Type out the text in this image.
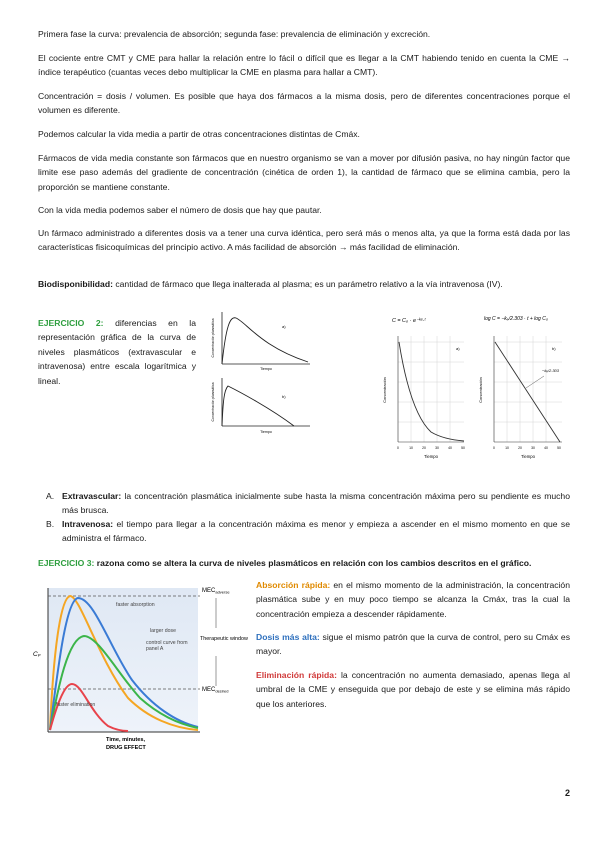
Primera fase la curva: prevalencia de absorción; segunda fase: prevalencia de eliminación y excreción.

El cociente entre CMT y CME para hallar la relación entre lo fácil o difícil que es llegar a la CMT habiendo tenido en cuenta la CME → índice terapéutico (cuantas veces debo multiplicar la CME en plasma para hallar a CMT).

Concentración = dosis / volumen. Es posible que haya dos fármacos a la misma dosis, pero de diferentes concentraciones porque el volumen es diferente.

Podemos calcular la vida media a partir de otras concentraciones distintas de Cmáx.

Fármacos de vida media constante son fármacos que en nuestro organismo se van a mover por difusión pasiva, no hay ningún factor que limite ese paso además del gradiente de concentración (cinética de orden 1), la cantidad de fármaco que se elimina cambia, pero la proporción se mantiene constante.

Con la vida media podemos saber el número de dosis que hay que pautar.

Un fármaco administrado a diferentes dosis va a tener una curva idéntica, pero será más o menos alta, ya que la forma está dada por las características fisicoquímicas del principio activo. A más facilidad de absorción → más facilidad de eliminación.

Biodisponibilidad: cantidad de fármaco que llega inalterada al plasma; es un parámetro relativo a la vía intravenosa (IV).

EJERCICIO 2: diferencias en la representación gráfica de la curva de niveles plasmáticos (extravascular e intravenosa) entre escala logarítmica y lineal.

Concentración plasmática
Tiempo
a)
Concentración plasmática
Tiempo
b)
C = C₀ · e⁻ᵏᵉ·ᵗ	log C = −kₑ/2.303 · t + log C₀
Concentración
Tiempo
a)
0	10	20	30	40	50
−kₑ/2.303
Concentración
Tiempo
b)
0	10	20	30	40	50
A. Extravascular: la concentración plasmática inicialmente sube hasta la misma concentración máxima pero su pendiente es mucho más brusca.
B. Intravenosa: el tiempo para llegar a la concentración máxima es menor y empieza a ascender en el mismo momento en que se administra el fármaco.

EJERCICIO 3: razona como se altera la curva de niveles plasmáticos en relación con los cambios descritos en el gráfico.

$MEC_{adverse}$
$MEC_{desired}$
Therapeutic window
Cₚ
Time, minutes,
DRUG EFFECT
faster absorption
larger dose
control curve from panel A
faster elimination

Absorción rápida: en el mismo momento de la administración, la concentración plasmática sube y en muy poco tiempo se alcanza la Cmáx, tras la cual la concentración empieza a descender rápidamente.

Dosis más alta: sigue el mismo patrón que la curva de control, pero su Cmáx es mayor.

Eliminación rápida: la concentración no aumenta demasiado, apenas llega al umbral de la CME y enseguida que por debajo de este y se elimina más rápido que los anteriores.

2
